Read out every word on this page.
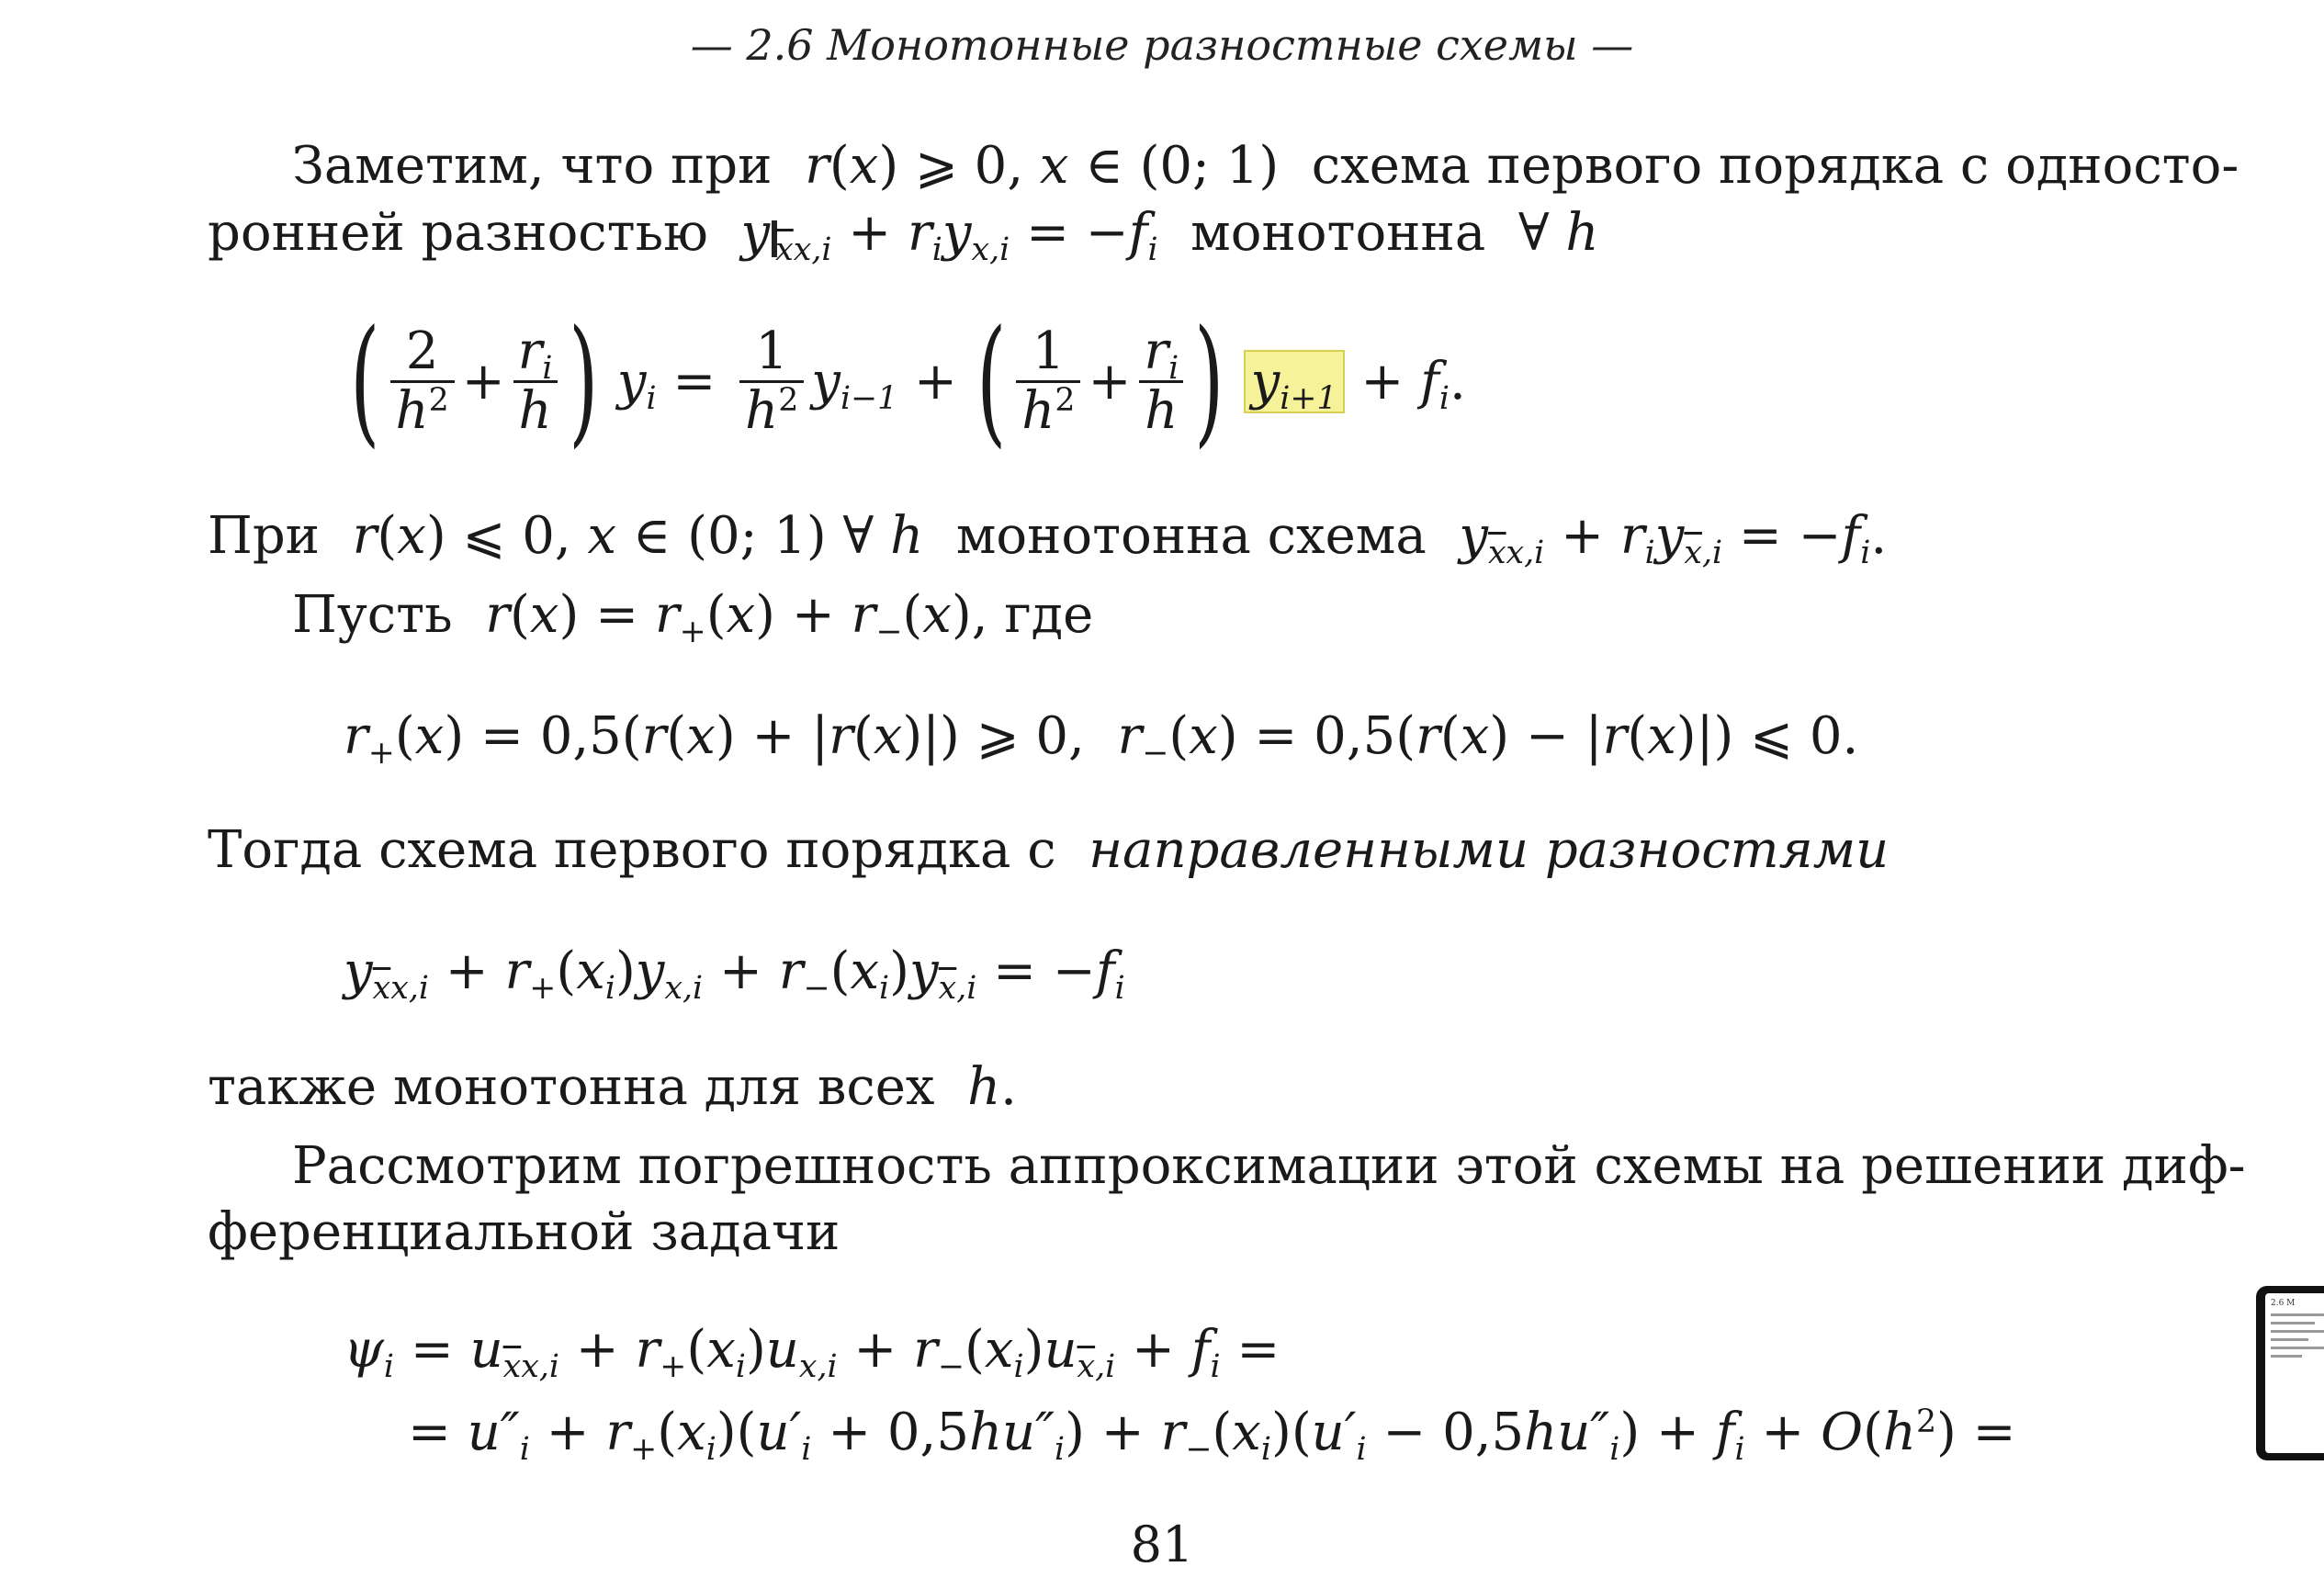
— 2.6 Монотонные разностные схемы —
Заметим, что при  r(x) ⩾ 0, x ∈ (0; 1)  схема первого порядка с односто-
ронней разностью y $_{\overline{x}x,i} + r_iy_{x,i} = -f_i$ монотонна  ∀ h
( $\frac{2}{h^2} + \frac{r_i}{h}$ ) $y_i = \frac{1}{h^2} y_{i-1}$ + ( $\frac{1}{h^2} + \frac{r_i}{h}$ )
$y_{i+1} + f_i$ .
При r(x) ⩽ 0, x ∈ (0; 1) ∀ h монотонна схема $y_{\overline{x}x,i} + r_iy_{\overline{x},i} = -f_i$.
Пусть $r(x) = r_+(x) + r_-(x)$, где
$r_+(x) = 0,5(r(x) + |r(x)|)$ ⩾ 0,  $r_-(x) = 0,5(r(x) - |r(x)|)$ ⩽ 0.
Тогда схема первого порядка с направленными разностями
$y_{\overline{x}x,i} + r_+(x_i)y_{x,i} + r_-(x_i)y_{\overline{x},i} = -f_i$
также монотонна для всех h.
Рассмотрим погрешность аппроксимации этой схемы на решении диф-
ференциальной задачи
$\psi_i = u_{\overline{x}x,i} + r_+(x_i)u_{x,i} + r_-(x_i)u_{\overline{x},i} + f_i$ =
= $u''_i + r_+(x_i)(u'_i + 0,5hu''_i) + r_-(x_i)(u'_i - 0,5hu''_i) + f_i + O(h^2)$ =
81
2.6 М
